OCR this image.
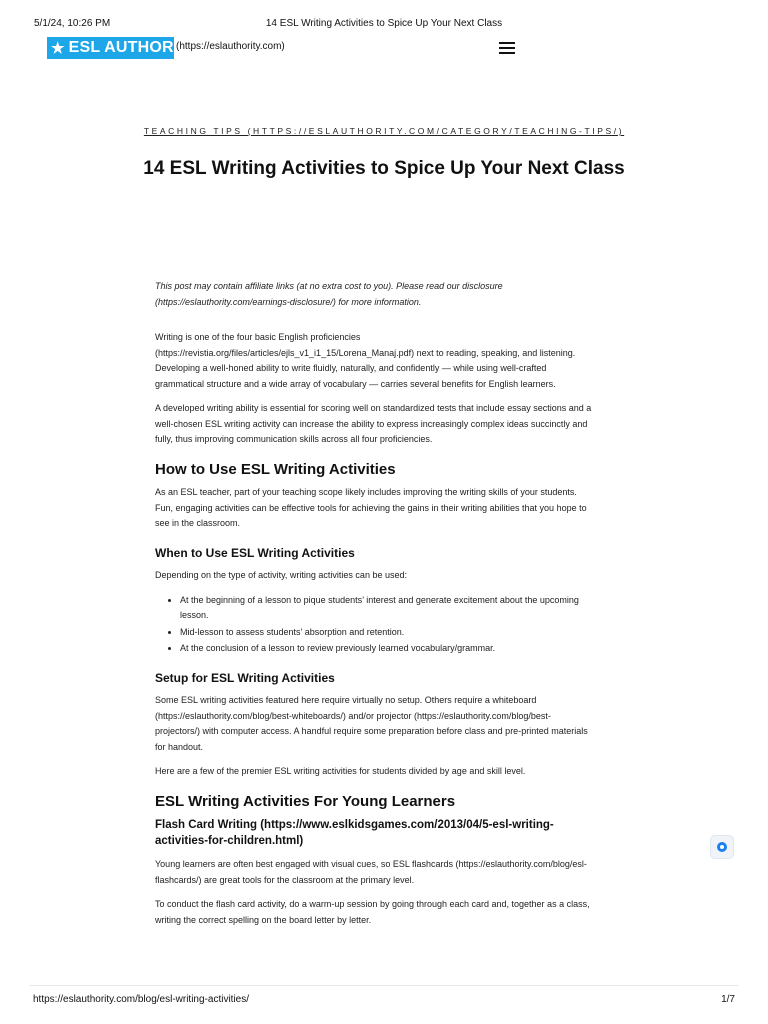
5/1/24, 10:26 PM	14 ESL Writing Activities to Spice Up Your Next Class
★ ESL AUTHORITY
(https://eslauthority.com)
TEACHING TIPS (HTTPS://ESLAUTHORITY.COM/CATEGORY/TEACHING-TIPS/)
14 ESL Writing Activities to Spice Up Your Next Class

This post may contain affiliate links (at no extra cost to you). Please read our disclosure (https://eslauthority.com/earnings-disclosure/) for more information.

Writing is one of the four basic English proficiencies (https://revistia.org/files/articles/ejls_v1_i1_15/Lorena_Manaj.pdf) next to reading, speaking, and listening. Developing a well-honed ability to write fluidly, naturally, and confidently — while using well-crafted grammatical structure and a wide array of vocabulary — carries several benefits for English learners.

A developed writing ability is essential for scoring well on standardized tests that include essay sections and a well-chosen ESL writing activity can increase the ability to express increasingly complex ideas succinctly and fully, thus improving communication skills across all four proficiencies.

How to Use ESL Writing Activities

As an ESL teacher, part of your teaching scope likely includes improving the writing skills of your students. Fun, engaging activities can be effective tools for achieving the gains in their writing abilities that you hope to see in the classroom.

When to Use ESL Writing Activities

Depending on the type of activity, writing activities can be used:

• At the beginning of a lesson to pique students’ interest and generate excitement about the upcoming lesson.
• Mid-lesson to assess students’ absorption and retention.
• At the conclusion of a lesson to review previously learned vocabulary/grammar.
Setup for ESL Writing Activities

Some ESL writing activities featured here require virtually no setup. Others require a whiteboard (https://eslauthority.com/blog/best-whiteboards/) and/or projector (https://eslauthority.com/blog/best-projectors/) with computer access. A handful require some preparation before class and pre-printed materials for handout.

Here are a few of the premier ESL writing activities for students divided by age and skill level.

ESL Writing Activities For Young Learners
Flash Card Writing (https://www.eslkidsgames.com/2013/04/5-esl-writing-activities-for-children.html)

Young learners are often best engaged with visual cues, so ESL flashcards (https://eslauthority.com/blog/esl-flashcards/) are great tools for the classroom at the primary level.

To conduct the flash card activity, do a warm-up session by going through each card and, together as a class, writing the correct spelling on the board letter by letter.

https://eslauthority.com/blog/esl-writing-activities/	1/7
